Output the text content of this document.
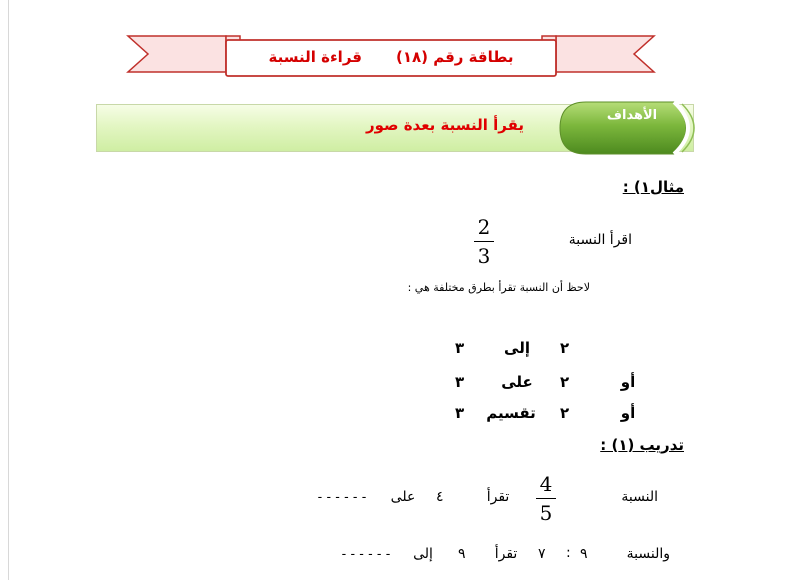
بطاقة رقم (١٨)
قراءة النسبة
يقرأ النسبة بعدة صور
الأهداف
مثال١) :
اقرأ النسبة
2
3
لاحظ أن النسبة تقرأ بطرق مختلفة هي :
٢
إلى
٣
أو
٢
على
٣
أو
٢
تقسيم
٣
تدريب (١) :
النسبة
4
5
تقرأ
٤
على
------
والنسبة
٩
:
٧
تقرأ
٩
إلى
------
